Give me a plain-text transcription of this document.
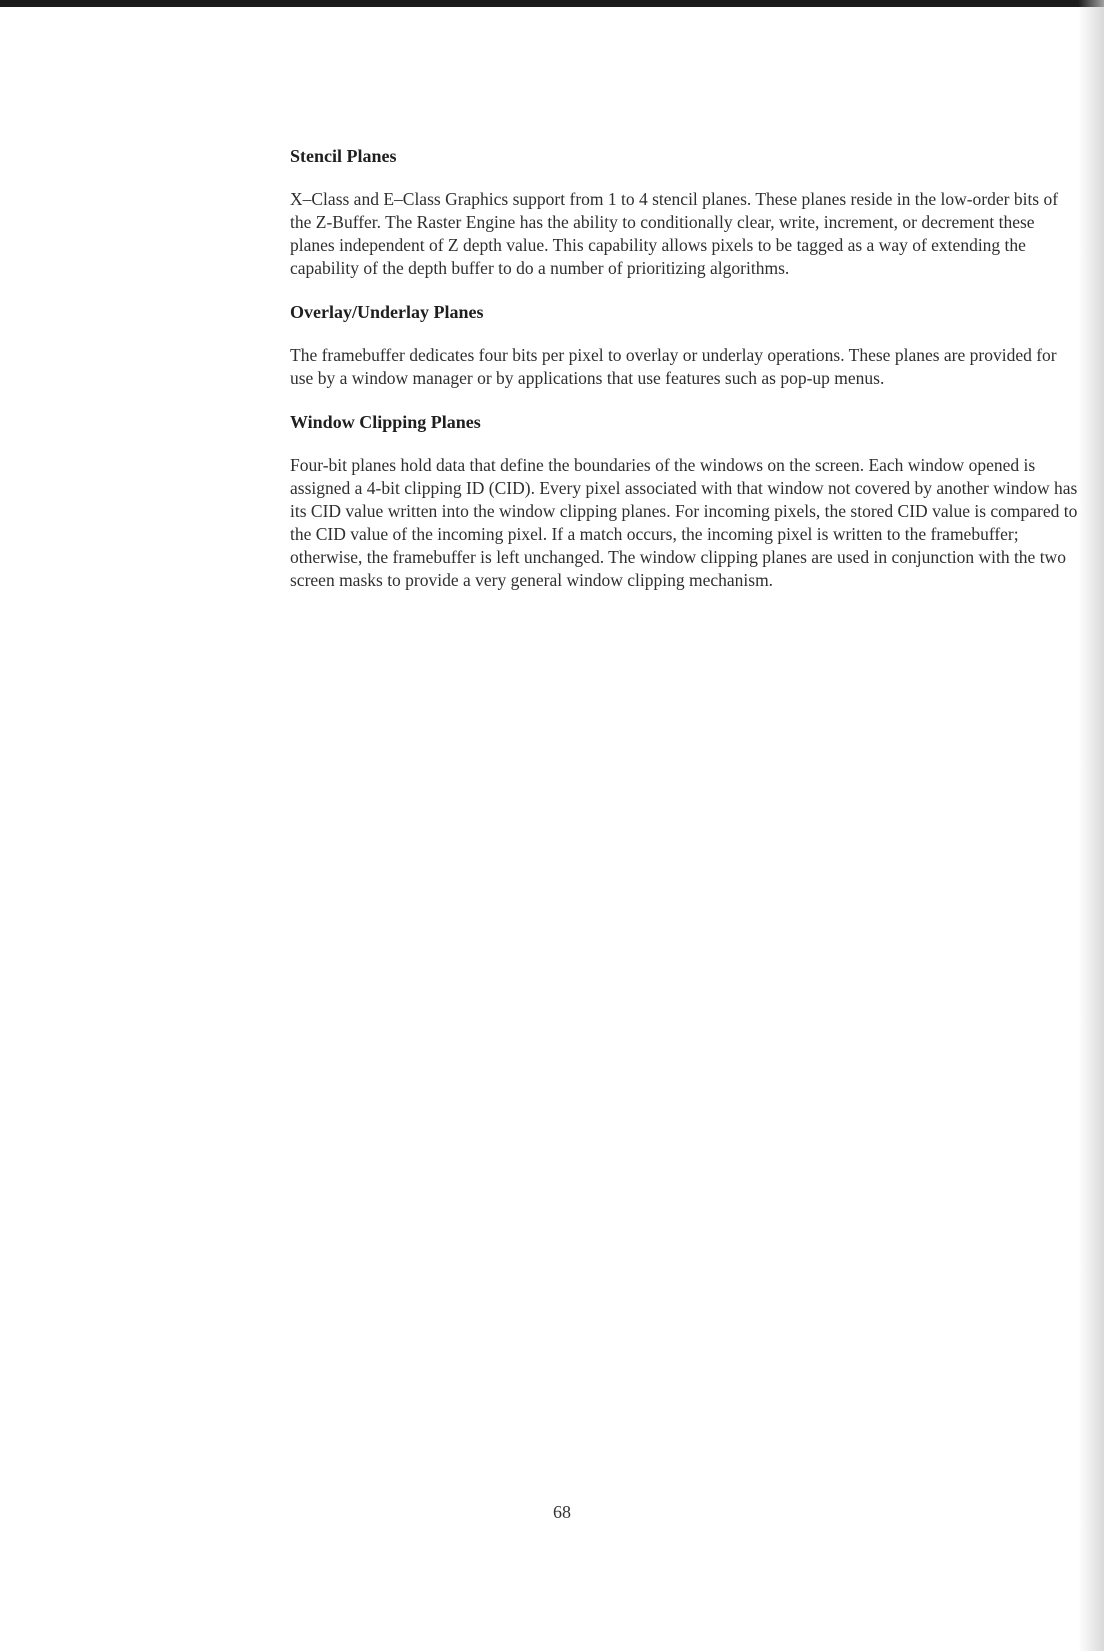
Stencil Planes

X–Class and E–Class Graphics support from 1 to 4 stencil planes. These planes reside in the low-order bits of the Z-Buffer. The Raster Engine has the ability to conditionally clear, write, increment, or decrement these planes independent of Z depth value. This capability allows pixels to be tagged as a way of extending the capability of the depth buffer to do a number of prioritizing algorithms.

Overlay/Underlay Planes

The framebuffer dedicates four bits per pixel to overlay or underlay operations. These planes are provided for use by a window manager or by applications that use features such as pop-up menus.

Window Clipping Planes

Four-bit planes hold data that define the boundaries of the windows on the screen. Each window opened is assigned a 4-bit clipping ID (CID). Every pixel associated with that window not covered by another window has its CID value written into the window clipping planes. For incoming pixels, the stored CID value is compared to the CID value of the incoming pixel. If a match occurs, the incoming pixel is written to the framebuffer; otherwise, the framebuffer is left unchanged. The window clipping planes are used in conjunction with the two screen masks to provide a very general window clipping mechanism.

68
